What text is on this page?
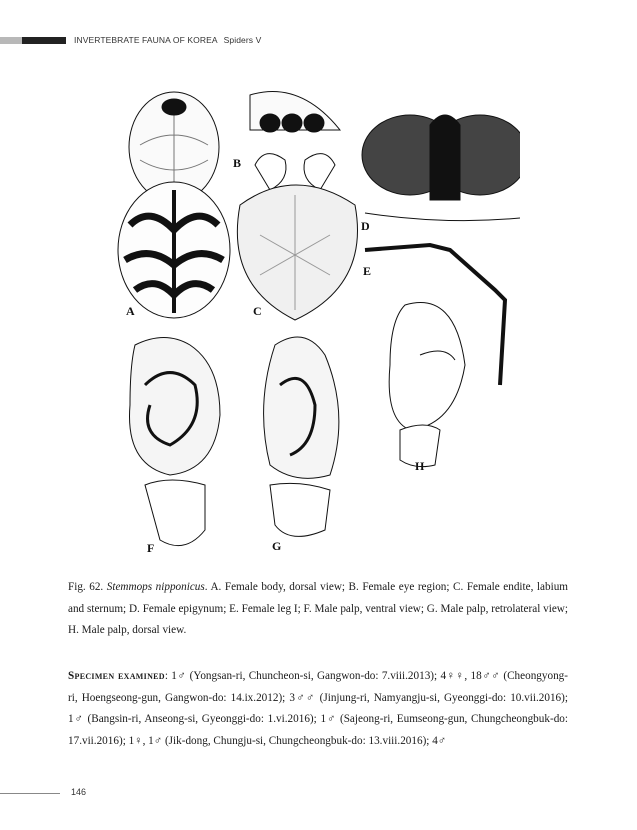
INVERTEBRATE FAUNA OF KOREA Spiders V
A
B
C
D
E
F	G
H

Fig. 62. Stemmops nipponicus. A. Female body, dorsal view; B. Female eye region; C. Female endite, labium and sternum; D. Female epigynum; E. Female leg I; F. Male palp, ventral view; G. Male palp, retrolateral view; H. Male palp, dorsal view.

Specimen examined: 1♂ (Yongsan-ri, Chuncheon-si, Gangwon-do: 7.viii.2013); 4♀♀, 18♂♂ (Cheongyong-ri, Hoengseong-gun, Gangwon-do: 14.ix.2012); 3♂♂ (Jinjung-ri, Namyangju-si, Gyeonggi-do: 10.vii.2016); 1♂ (Bangsin-ri, Anseong-si, Gyeonggi-do: 1.vi.2016); 1♂ (Sajeong-ri, Eumseong-gun, Chungcheongbuk-do: 17.vii.2016); 1♀, 1♂ (Jik-dong, Chungju-si, Chungcheongbuk-do: 13.viii.2016); 4♂

146
